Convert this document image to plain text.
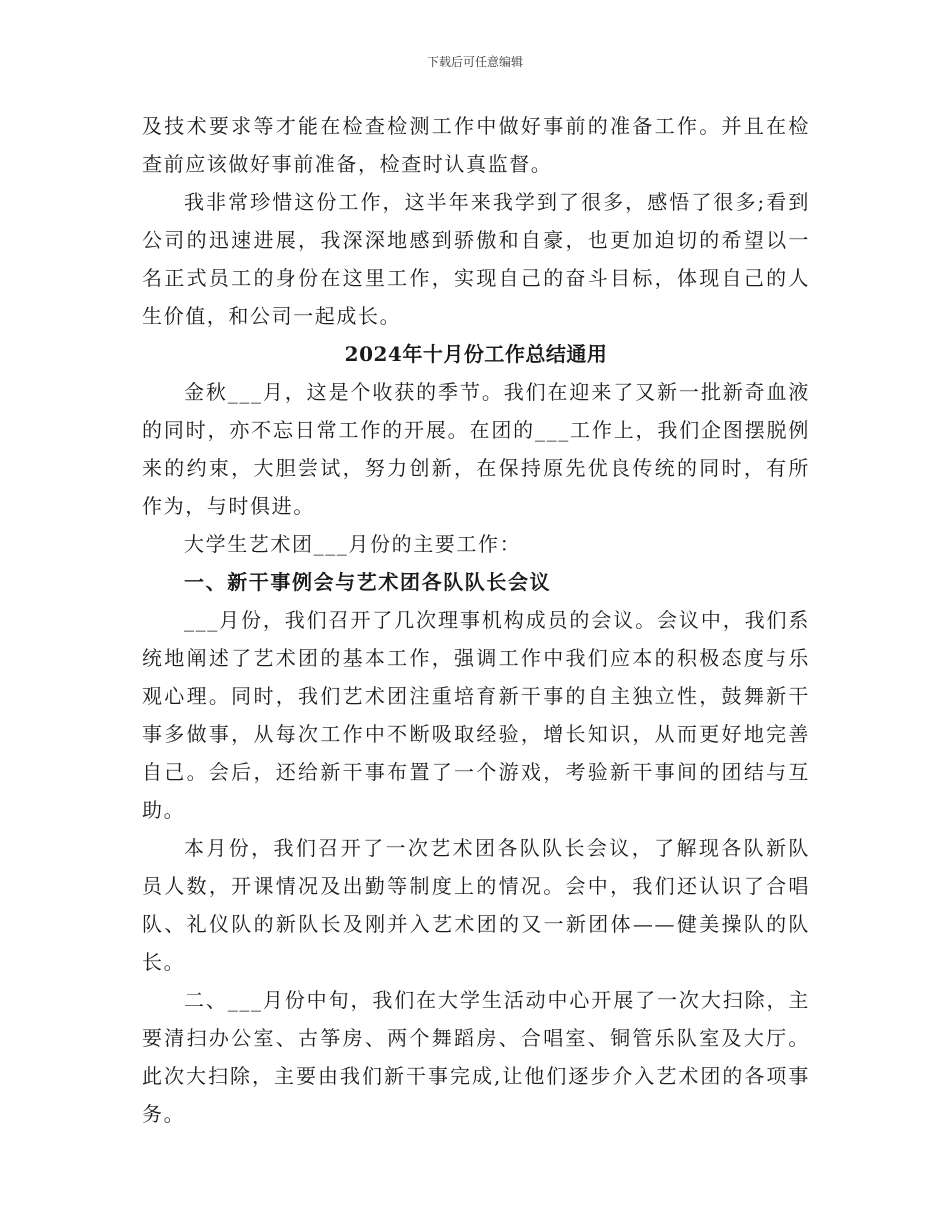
下载后可任意编辑

及技术要求等才能在检查检测工作中做好事前的准备工作。并且在检查前应该做好事前准备，检查时认真监督。

我非常珍惜这份工作，这半年来我学到了很多，感悟了很多;看到公司的迅速进展，我深深地感到骄傲和自豪，也更加迫切的希望以一名正式员工的身份在这里工作，实现自己的奋斗目标，体现自己的人生价值，和公司一起成长。

2024年十月份工作总结通用

金秋___月，这是个收获的季节。我们在迎来了又新一批新奇血液的同时，亦不忘日常工作的开展。在团的___工作上，我们企图摆脱例来的约束，大胆尝试，努力创新，在保持原先优良传统的同时，有所作为，与时俱进。

大学生艺术团___月份的主要工作：

一、新干事例会与艺术团各队队长会议

___月份，我们召开了几次理事机构成员的会议。会议中，我们系统地阐述了艺术团的基本工作，强调工作中我们应本的积极态度与乐观心理。同时，我们艺术团注重培育新干事的自主独立性，鼓舞新干事多做事，从每次工作中不断吸取经验，增长知识，从而更好地完善自己。会后，还给新干事布置了一个游戏，考验新干事间的团结与互助。

本月份，我们召开了一次艺术团各队队长会议，了解现各队新队员人数，开课情况及出勤等制度上的情况。会中，我们还认识了合唱队、礼仪队的新队长及刚并入艺术团的又一新团体——健美操队的队长。

二、___月份中旬，我们在大学生活动中心开展了一次大扫除，主要清扫办公室、古筝房、两个舞蹈房、合唱室、铜管乐队室及大厅。此次大扫除，主要由我们新干事完成,让他们逐步介入艺术团的各项事务。
